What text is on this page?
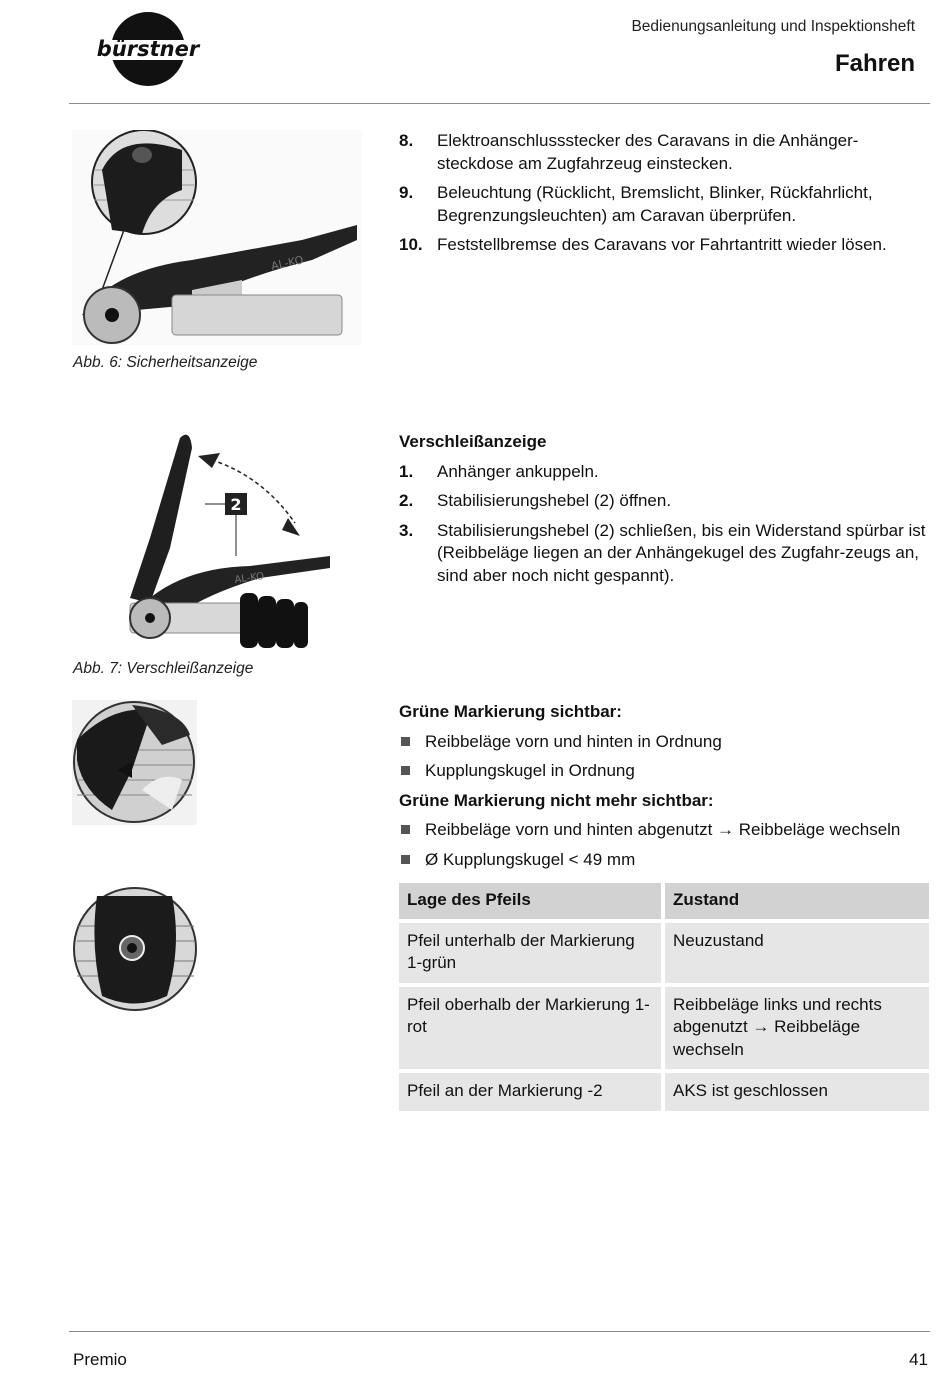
bürstner
Bedienungsanleitung und Inspektionsheft
Fahren
AL-KO
Abb. 6: Sicherheitsanzeige
2
AL-KO
Abb. 7: Verschleißanzeige
8. Elektroanschlussstecker des Caravans in die Anhänger-steckdose am Zugfahrzeug einstecken.
9. Beleuchtung (Rücklicht, Bremslicht, Blinker, Rückfahrlicht, Begrenzungsleuchten) am Caravan überprüfen.
10. Feststellbremse des Caravans vor Fahrtantritt wieder lösen.
Verschleißanzeige
1. Anhänger ankuppeln.
2. Stabilisierungshebel (2) öffnen.
3. Stabilisierungshebel (2) schließen, bis ein Widerstand spürbar ist (Reibbeläge liegen an der Anhängekugel des Zugfahr-zeugs an, sind aber noch nicht gespannt).
Grüne Markierung sichtbar:
Reibbeläge vorn und hinten in Ordnung
Kupplungskugel in Ordnung
Grüne Markierung nicht mehr sichtbar:
Reibbeläge vorn und hinten abgenutzt → Reibbeläge wechseln
Ø Kupplungskugel < 49 mm
Lage des Pfeils		Zustand
Pfeil unterhalb der Markierung 1-grün		Neuzustand
Pfeil oberhalb der Markierung 1-rot		Reibbeläge links und rechts abgenutzt → Reibbeläge wechseln
Pfeil an der Markierung -2		AKS ist geschlossen
Premio	41
